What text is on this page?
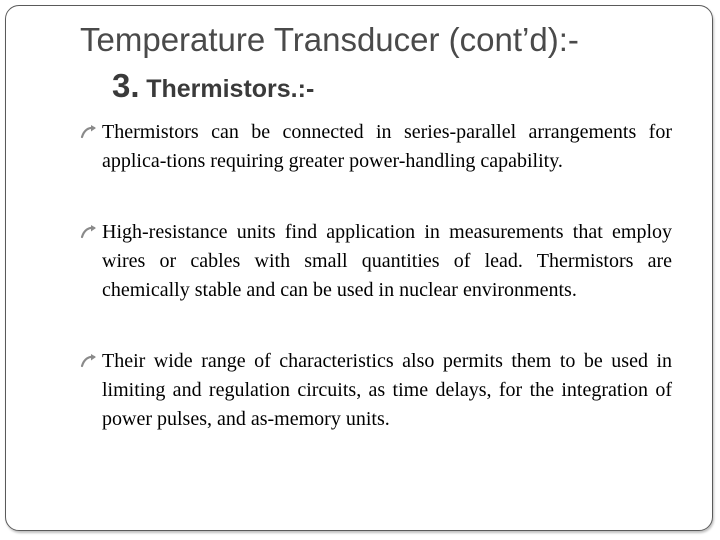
Temperature Transducer (cont’d):-
3. Thermistors.:-
Thermistors can be connected in series-parallel arrangements for applica-tions requiring greater power-handling capability.
High-resistance units find application in measurements that employ wires or cables with small quantities of lead. Thermistors are chemically stable and can be used in nuclear environments.
Their wide range of characteristics also permits them to be used in limiting and regulation circuits, as time delays, for the integration of power pulses, and as-memory units.
